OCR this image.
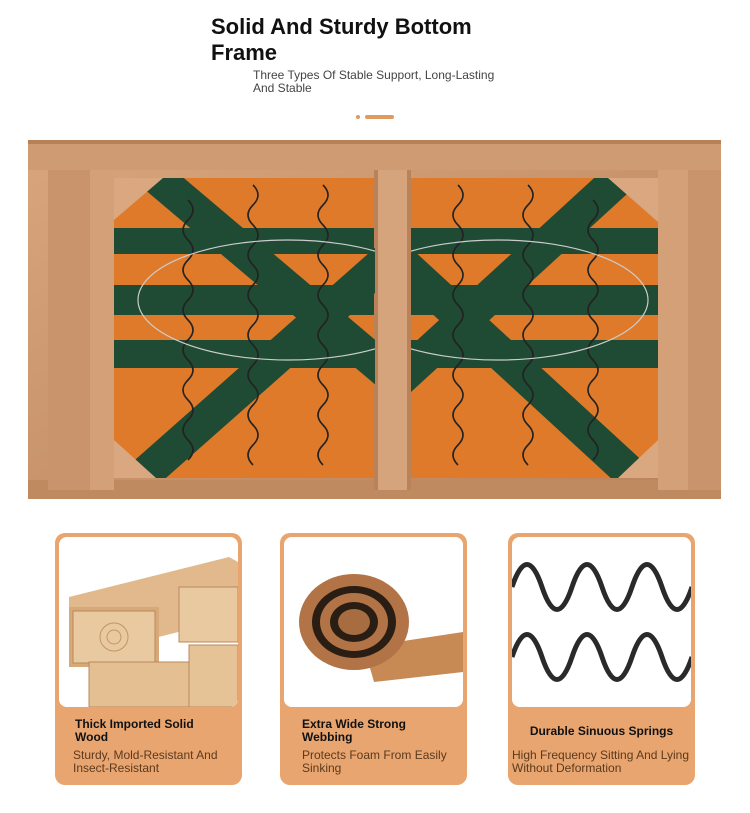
Solid And Sturdy Bottom Frame
Three Types Of Stable Support, Long-Lasting And Stable
Thick Imported Solid Wood
Sturdy, Mold-Resistant And Insect-Resistant
Extra Wide Strong Webbing
Protects Foam From Easily Sinking
Durable Sinuous Springs
High Frequency Sitting And Lying Without Deformation
